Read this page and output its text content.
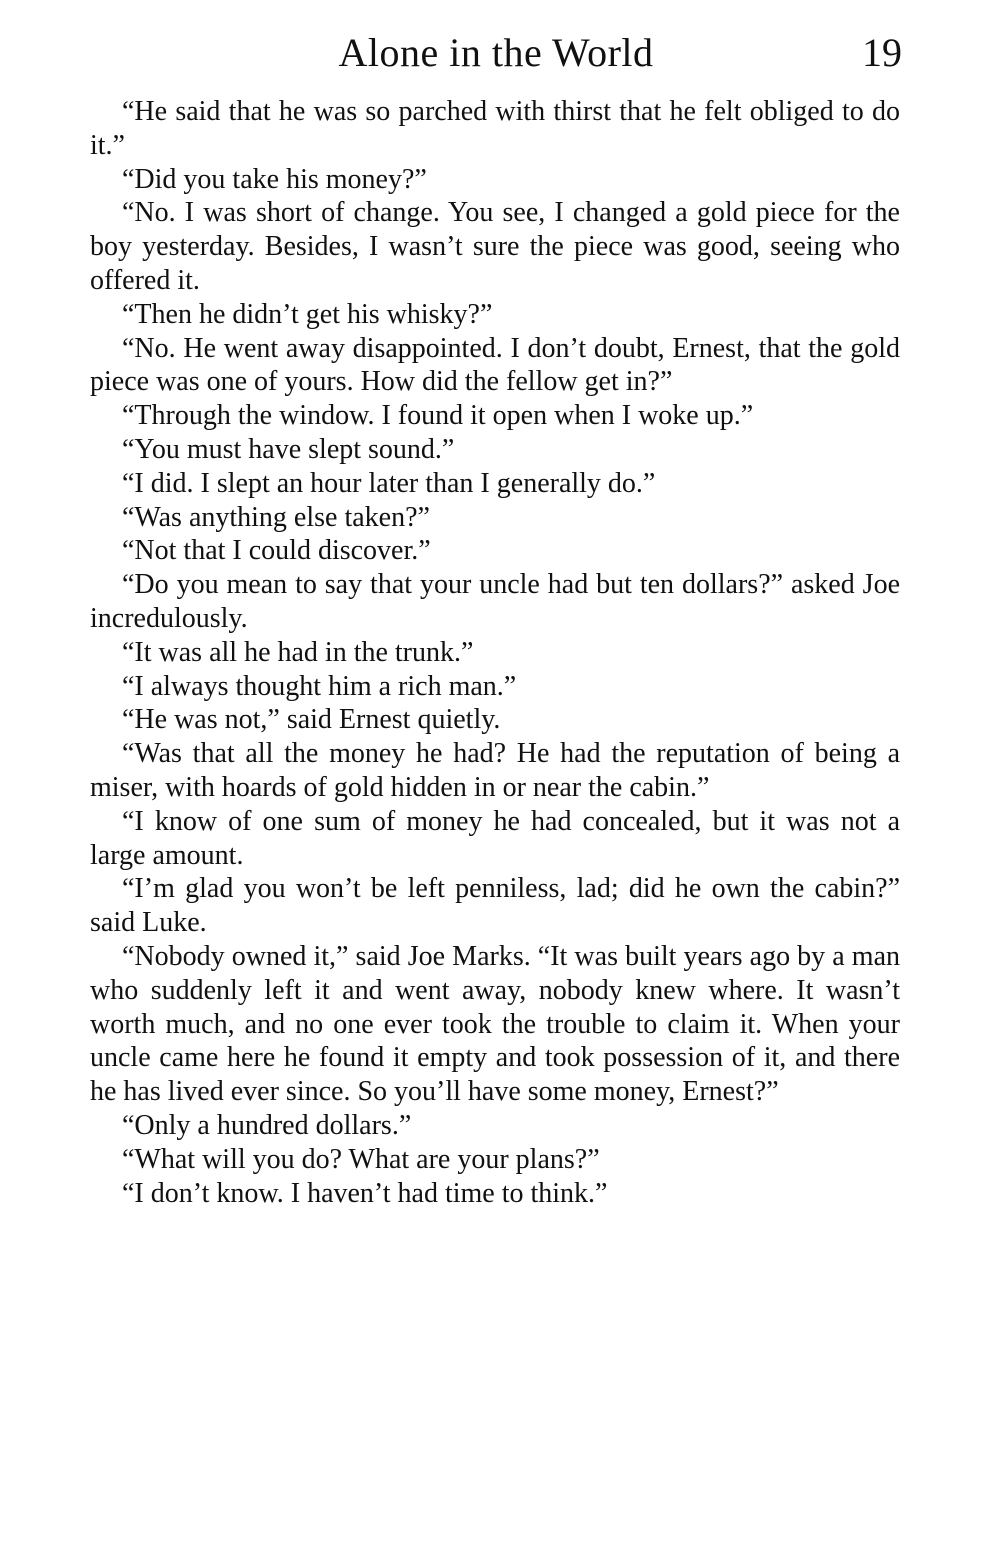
Alone in the World	19

“He said that he was so parched with thirst that he felt obliged to do it.”

“Did you take his money?”

“No. I was short of change. You see, I changed a gold piece for the boy yesterday. Besides, I wasn’t sure the piece was good, seeing who offered it.

“Then he didn’t get his whisky?”

“No. He went away disappointed. I don’t doubt, Ernest, that the gold piece was one of yours. How did the fellow get in?”

“Through the window. I found it open when I woke up.”

“You must have slept sound.”

“I did. I slept an hour later than I generally do.”

“Was anything else taken?”

“Not that I could discover.”

“Do you mean to say that your uncle had but ten dollars?” asked Joe incredulously.

“It was all he had in the trunk.”

“I always thought him a rich man.”

“He was not,” said Ernest quietly.

“Was that all the money he had? He had the reputation of being a miser, with hoards of gold hidden in or near the cabin.”

“I know of one sum of money he had concealed, but it was not a large amount.

“I’m glad you won’t be left penniless, lad; did he own the cabin?” said Luke.

“Nobody owned it,” said Joe Marks. “It was built years ago by a man who suddenly left it and went away, nobody knew where. It wasn’t worth much, and no one ever took the trouble to claim it. When your uncle came here he found it empty and took possession of it, and there he has lived ever since. So you’ll have some money, Ernest?”

“Only a hundred dollars.”

“What will you do? What are your plans?”

“I don’t know. I haven’t had time to think.”
